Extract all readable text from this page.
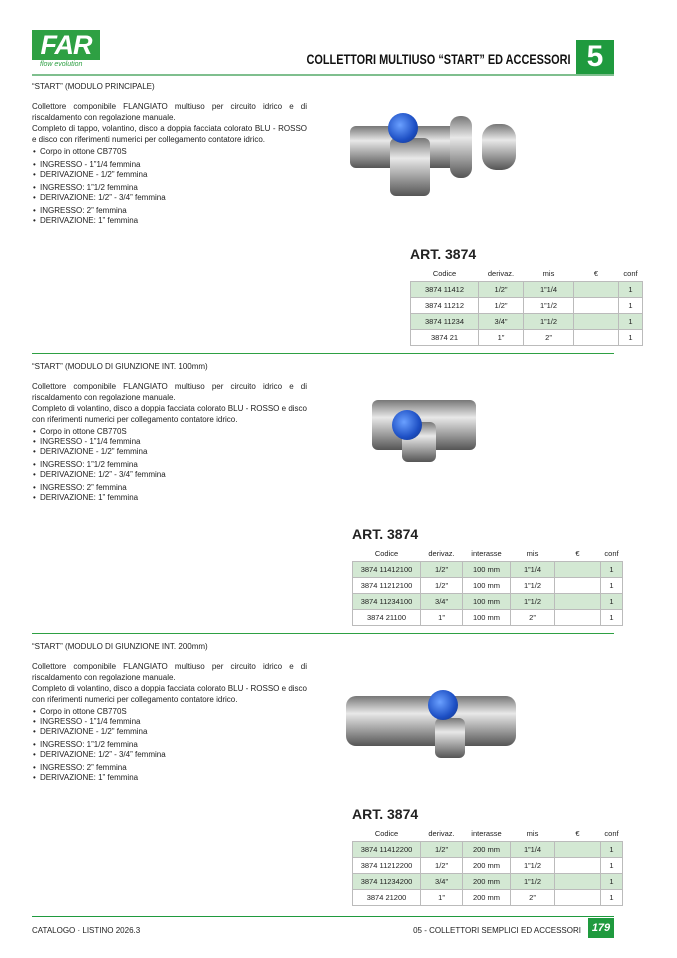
FAR
flow evolution	COLLETTORI MULTIUSO “START” ED ACCESSORI 5
“START” (MODULO PRINCIPALE)

Collettore componibile FLANGIATO multiuso per circuito idrico e di riscaldamento con regolazione manuale.

Completo di tappo, volantino, disco a doppia facciata colorato BLU - ROSSO e disco con riferimenti numerici per collegamento contatore idrico.

• Corpo in ottone CB770S
• INGRESSO - 1”1/4 femmina
• DERIVAZIONE - 1/2” femmina
• INGRESSO: 1”1/2 femmina
• DERIVAZIONE: 1/2” - 3/4” femmina
• INGRESSO: 2” femmina
• DERIVAZIONE: 1” femmina
ART. 3874
Codice	derivaz.	mis	€	conf
3874 11412	1/2”	1”1/4		1
3874 11212	1/2”	1”1/2		1
3874 11234	3/4”	1”1/2		1
3874 21	1”	2”		1
“START” (MODULO DI GIUNZIONE INT. 100mm)

Collettore componibile FLANGIATO multiuso per circuito idrico e di riscaldamento con regolazione manuale.

Completo di volantino, disco a doppia facciata colorato BLU - ROSSO e disco con riferimenti numerici per collegamento contatore idrico.

• Corpo in ottone CB770S
• INGRESSO - 1”1/4 femmina
• DERIVAZIONE - 1/2” femmina
• INGRESSO: 1”1/2 femmina
• DERIVAZIONE: 1/2” - 3/4” femmina
• INGRESSO: 2” femmina
• DERIVAZIONE: 1” femmina
ART. 3874
Codice	derivaz.	interasse	mis	€	conf
3874 11412100	1/2”	100 mm	1”1/4		1
3874 11212100	1/2”	100 mm	1”1/2		1
3874 11234100	3/4”	100 mm	1”1/2		1
3874 21100	1”	100 mm	2”		1
“START” (MODULO DI GIUNZIONE INT. 200mm)

Collettore componibile FLANGIATO multiuso per circuito idrico e di riscaldamento con regolazione manuale.

Completo di volantino, disco a doppia facciata colorato BLU - ROSSO e disco con riferimenti numerici per collegamento contatore idrico.

• Corpo in ottone CB770S
• INGRESSO - 1”1/4 femmina
• DERIVAZIONE - 1/2” femmina
• INGRESSO: 1”1/2 femmina
• DERIVAZIONE: 1/2” - 3/4” femmina
• INGRESSO: 2” femmina
• DERIVAZIONE: 1” femmina
ART. 3874
Codice	derivaz.	interasse	mis	€	conf
3874 11412200	1/2”	200 mm	1”1/4		1
3874 11212200	1/2”	200 mm	1”1/2		1
3874 11234200	3/4”	200 mm	1”1/2		1
3874 21200	1”	200 mm	2”		1
CATALOGO · LISTINO 2026.3	05 - COLLETTORI SEMPLICI ED ACCESSORI 179
